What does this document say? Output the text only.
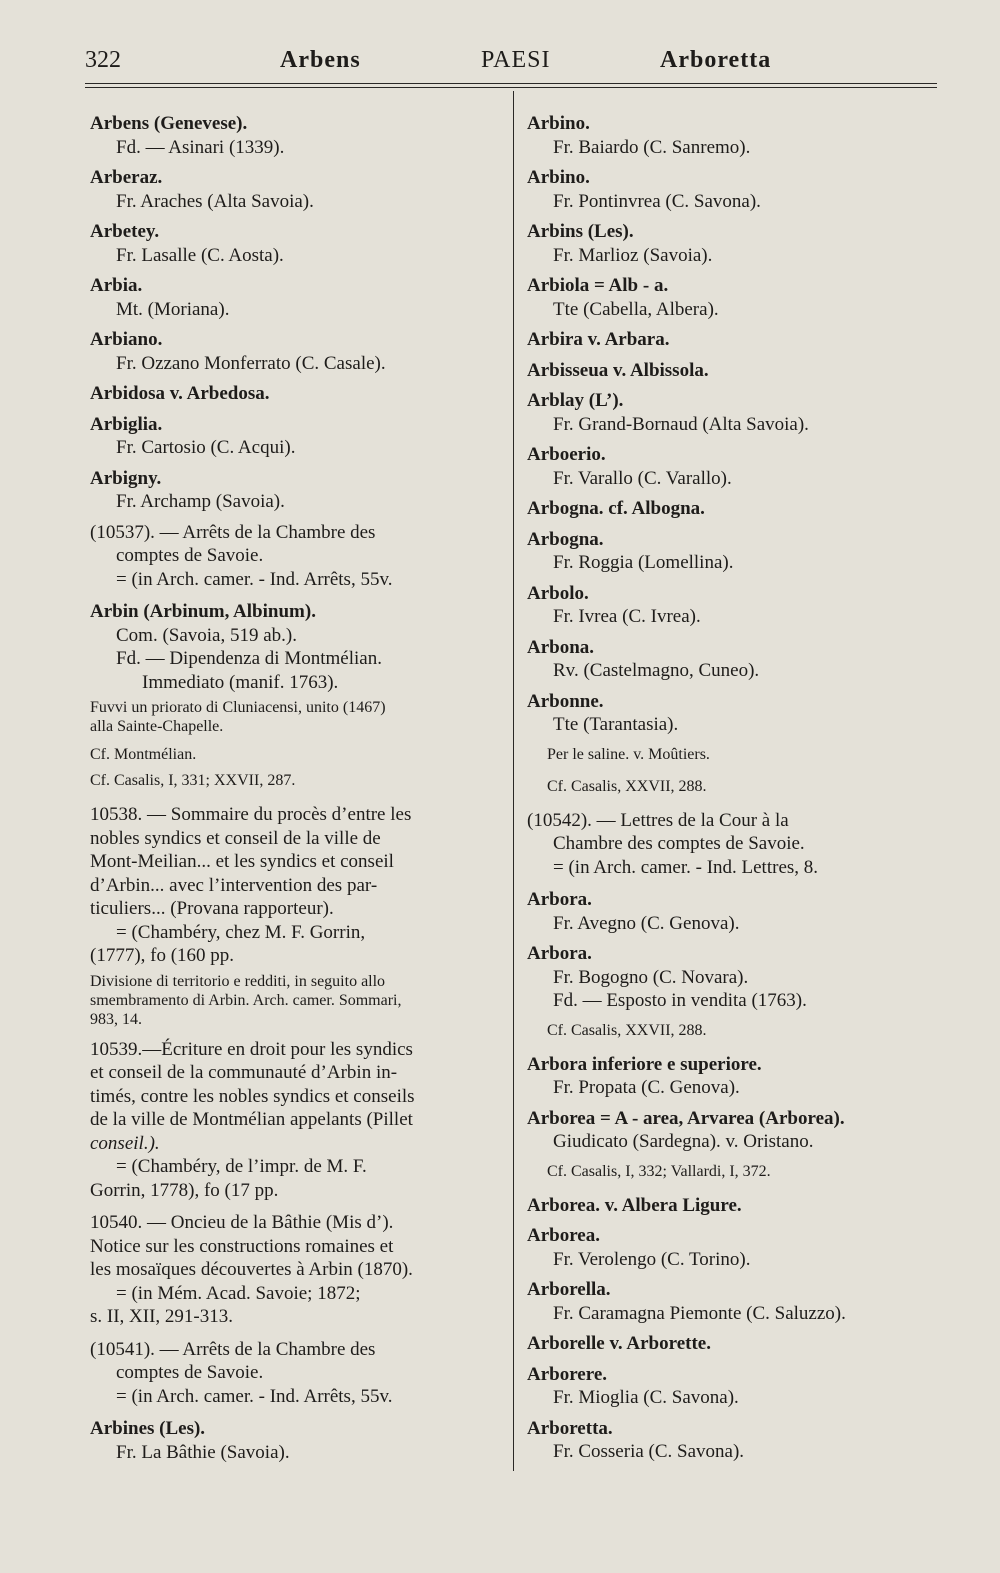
322	Arbens	PAESI	Arboretta
Arbens (Genevese).
Fd. — Asinari (1339).
Arberaz.
Fr. Araches (Alta Savoia).
Arbetey.
Fr. Lasalle (C. Aosta).
Arbia.
Mt. (Moriana).
Arbiano.
Fr. Ozzano Monferrato (C. Casale).
Arbidosa v. Arbedosa.
Arbiglia.
Fr. Cartosio (C. Acqui).
Arbigny.
Fr. Archamp (Savoia).
(10537). — Arrêts de la Chambre des
comptes de Savoie.
= (in Arch. camer. - Ind. Arrêts, 55v.
Arbin (Arbinum, Albinum).
Com. (Savoia, 519 ab.).
Fd. — Dipendenza di Montmélian.
Immediato (manif. 1763).
Fuvvi un priorato di Cluniacensi, unito (1467)
alla Sainte-Chapelle.
Cf. Montmélian.
Cf. Casalis, I, 331; XXVII, 287.
10538. — Sommaire du procès d’entre les
nobles syndics et conseil de la ville de
Mont-Meilian... et les syndics et conseil
d’Arbin... avec l’intervention des par-
ticuliers... (Provana rapporteur).
= (Chambéry, chez M. F. Gorrin,
(1777), fo (160 pp.
Divisione di territorio e redditi, in seguito allo
smembramento di Arbin. Arch. camer. Sommari,
983, 14.
10539.—Écriture en droit pour les syndics
et conseil de la communauté d’Arbin in-
timés, contre les nobles syndics et conseils
de la ville de Montmélian appelants (Pillet
conseil.).
= (Chambéry, de l’impr. de M. F.
Gorrin, 1778), fo (17 pp.
10540. — Oncieu de la Bâthie (Mis d’).
Notice sur les constructions romaines et
les mosaïques découvertes à Arbin (1870).
= (in Mém. Acad. Savoie; 1872;
s. II, XII, 291-313.
(10541). — Arrêts de la Chambre des
comptes de Savoie.
= (in Arch. camer. - Ind. Arrêts, 55v.
Arbines (Les).
Fr. La Bâthie (Savoia).
Arbino.
Fr. Baiardo (C. Sanremo).
Arbino.
Fr. Pontinvrea (C. Savona).
Arbins (Les).
Fr. Marlioz (Savoia).
Arbiola = Alb - a.
Tte (Cabella, Albera).
Arbira v. Arbara.
Arbisseua v. Albissola.
Arblay (L’).
Fr. Grand-Bornaud (Alta Savoia).
Arboerio.
Fr. Varallo (C. Varallo).
Arbogna. cf. Albogna.
Arbogna.
Fr. Roggia (Lomellina).
Arbolo.
Fr. Ivrea (C. Ivrea).
Arbona.
Rv. (Castelmagno, Cuneo).
Arbonne.
Tte (Tarantasia).
Per le saline. v. Moûtiers.
Cf. Casalis, XXVII, 288.
(10542). — Lettres de la Cour à la
Chambre des comptes de Savoie.
= (in Arch. camer. - Ind. Lettres, 8.
Arbora.
Fr. Avegno (C. Genova).
Arbora.
Fr. Bogogno (C. Novara).
Fd. — Esposto in vendita (1763).
Cf. Casalis, XXVII, 288.
Arbora inferiore e superiore.
Fr. Propata (C. Genova).
Arborea = A - area, Arvarea (Arborea).
Giudicato (Sardegna). v. Oristano.
Cf. Casalis, I, 332; Vallardi, I, 372.
Arborea. v. Albera Ligure.
Arborea.
Fr. Verolengo (C. Torino).
Arborella.
Fr. Caramagna Piemonte (C. Saluzzo).
Arborelle v. Arborette.
Arborere.
Fr. Mioglia (C. Savona).
Arboretta.
Fr. Cosseria (C. Savona).
